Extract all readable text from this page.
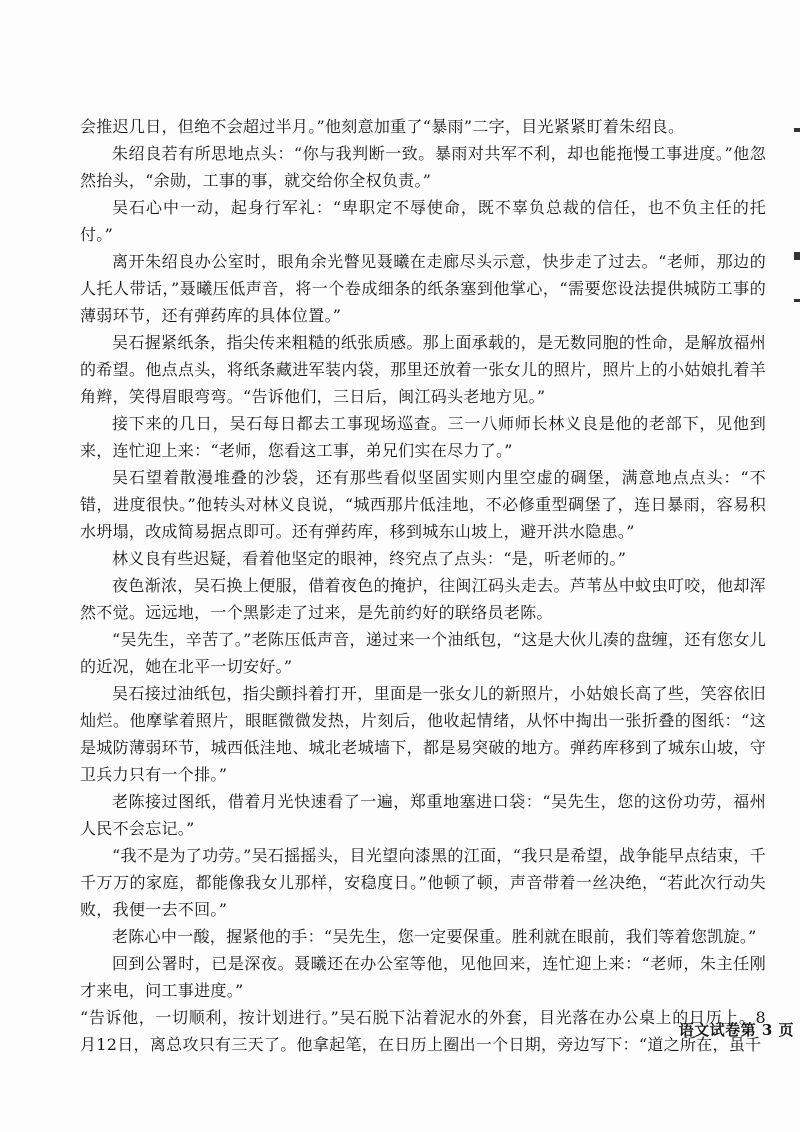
会推迟几日，但绝不会超过半月。”他刻意加重了“暴雨”二字，目光紧紧盯着朱绍良。

朱绍良若有所思地点头：“你与我判断一致。暴雨对共军不利，却也能拖慢工事进度。”他忽然抬头，“余勋，工事的事，就交给你全权负责。”

吴石心中一动，起身行军礼：“卑职定不辱使命，既不辜负总裁的信任，也不负主任的托付。”

离开朱绍良办公室时，眼角余光瞥见聂曦在走廊尽头示意，快步走了过去。“老师，那边的人托人带话，”聂曦压低声音，将一个卷成细条的纸条塞到他掌心，“需要您设法提供城防工事的薄弱环节，还有弹药库的具体位置。”

吴石握紧纸条，指尖传来粗糙的纸张质感。那上面承载的，是无数同胞的性命，是解放福州的希望。他点点头，将纸条藏进军装内袋，那里还放着一张女儿的照片，照片上的小姑娘扎着羊角辫，笑得眉眼弯弯。“告诉他们，三日后，闽江码头老地方见。”

接下来的几日，吴石每日都去工事现场巡查。三一八师师长林义良是他的老部下，见他到来，连忙迎上来：“老师，您看这工事，弟兄们实在尽力了。”

吴石望着散漫堆叠的沙袋，还有那些看似坚固实则内里空虚的碉堡，满意地点点头：“不错，进度很快。”他转头对林义良说，“城西那片低洼地，不必修重型碉堡了，连日暴雨，容易积水坍塌，改成简易据点即可。还有弹药库，移到城东山坡上，避开洪水隐患。”

林义良有些迟疑，看着他坚定的眼神，终究点了点头：“是，听老师的。”

夜色渐浓，吴石换上便服，借着夜色的掩护，往闽江码头走去。芦苇丛中蚊虫叮咬，他却浑然不觉。远远地，一个黑影走了过来，是先前约好的联络员老陈。

“吴先生，辛苦了。”老陈压低声音，递过来一个油纸包，“这是大伙儿凑的盘缠，还有您女儿的近况，她在北平一切安好。”

吴石接过油纸包，指尖颤抖着打开，里面是一张女儿的新照片，小姑娘长高了些，笑容依旧灿烂。他摩挲着照片，眼眶微微发热，片刻后，他收起情绪，从怀中掏出一张折叠的图纸：“这是城防薄弱环节，城西低洼地、城北老城墙下，都是易突破的地方。弹药库移到了城东山坡，守卫兵力只有一个排。”

老陈接过图纸，借着月光快速看了一遍，郑重地塞进口袋：“吴先生，您的这份功劳，福州人民不会忘记。”

“我不是为了功劳。”吴石摇摇头，目光望向漆黑的江面，“我只是希望，战争能早点结束，千千万万的家庭，都能像我女儿那样，安稳度日。”他顿了顿，声音带着一丝决绝，“若此次行动失败，我便一去不回。”

老陈心中一酸，握紧他的手：“吴先生，您一定要保重。胜利就在眼前，我们等着您凯旋。”

回到公署时，已是深夜。聂曦还在办公室等他，见他回来，连忙迎上来：“老师，朱主任刚才来电，问工事进度。”

“告诉他，一切顺利，按计划进行。”吴石脱下沾着泥水的外套，目光落在办公桌上的日历上。8月12日，离总攻只有三天了。他拿起笔，在日历上圈出一个日期，旁边写下：“道之所在，虽千

语文试卷第 3 页
